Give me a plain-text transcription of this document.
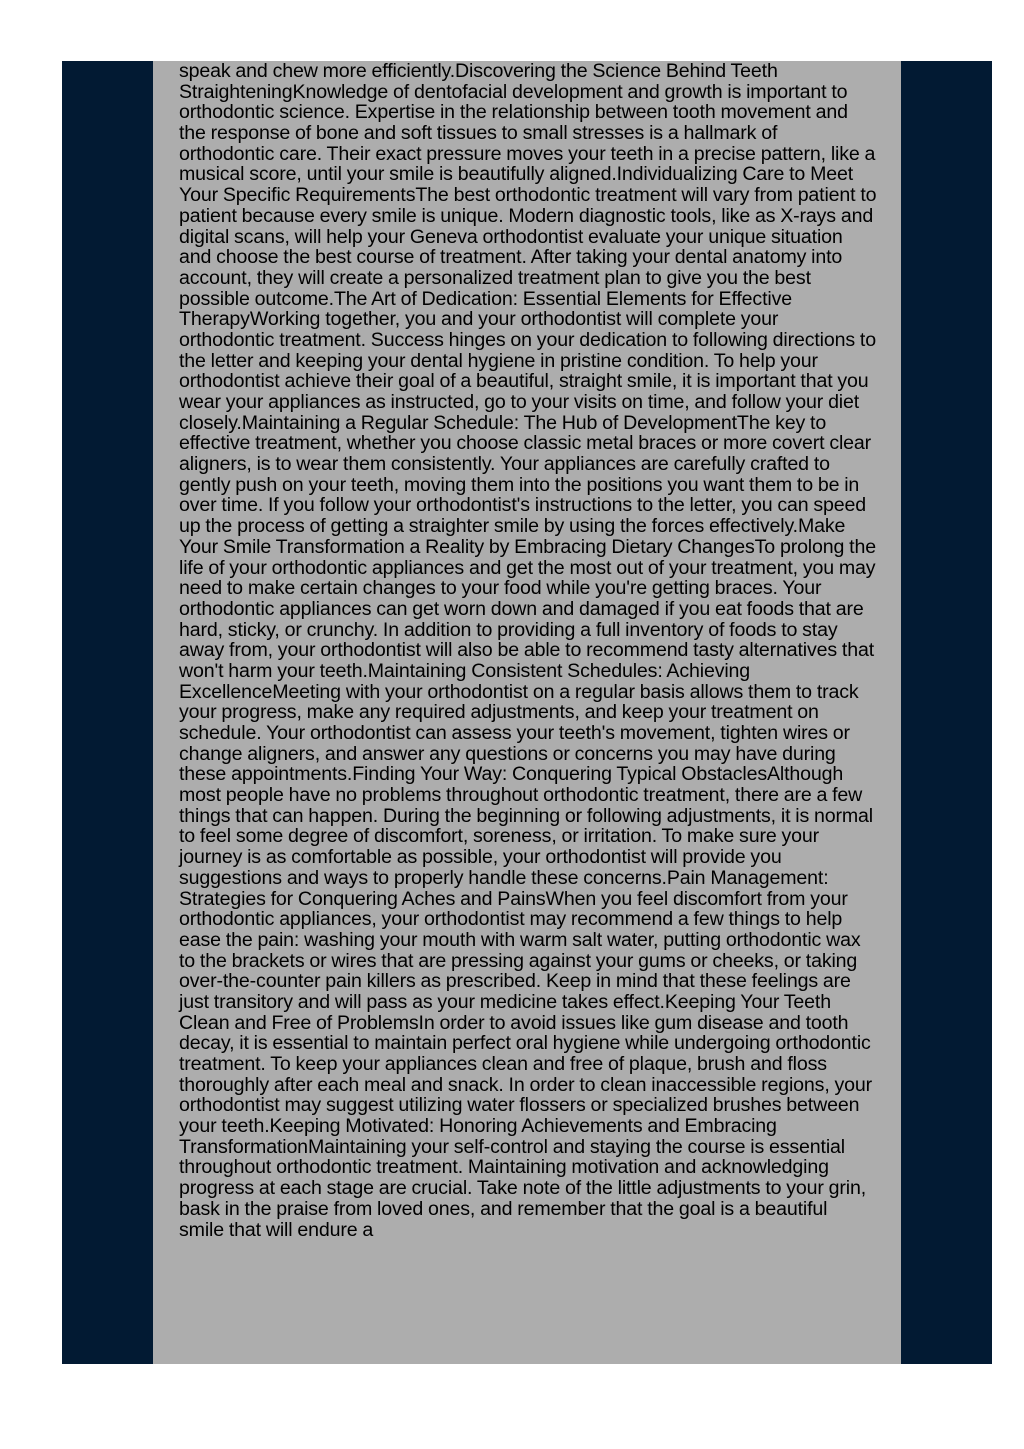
speak and chew more efficiently.

Discovering the Science Behind Teeth Straightening

Knowledge of dentofacial development and growth is important to orthodontic science. Expertise in the relationship between tooth movement and the response of bone and soft tissues to small stresses is a hallmark of orthodontic care. Their exact pressure moves your teeth in a precise pattern, like a musical score, until your smile is beautifully aligned.

Individualizing Care to Meet Your Specific Requirements

The best orthodontic treatment will vary from patient to patient because every smile is unique. Modern diagnostic tools, like as X-rays and digital scans, will help your Geneva orthodontist evaluate your unique situation and choose the best course of treatment. After taking your dental anatomy into account, they will create a personalized treatment plan to give you the best possible outcome.

The Art of Dedication: Essential Elements for Effective Therapy

Working together, you and your orthodontist will complete your orthodontic treatment. Success hinges on your dedication to following directions to the letter and keeping your dental hygiene in pristine condition. To help your orthodontist achieve their goal of a beautiful, straight smile, it is important that you wear your appliances as instructed, go to your visits on time, and follow your diet closely.

Maintaining a Regular Schedule: The Hub of Development

The key to effective treatment, whether you choose classic metal braces or more covert clear aligners, is to wear them consistently. Your appliances are carefully crafted to gently push on your teeth, moving them into the positions you want them to be in over time. If you follow your orthodontist's instructions to the letter, you can speed up the process of getting a straighter smile by using the forces effectively.

Make Your Smile Transformation a Reality by Embracing Dietary Changes

To prolong the life of your orthodontic appliances and get the most out of your treatment, you may need to make certain changes to your food while you're getting braces. Your orthodontic appliances can get worn down and damaged if you eat foods that are hard, sticky, or crunchy. In addition to providing a full inventory of foods to stay away from, your orthodontist will also be able to recommend tasty alternatives that won't harm your teeth.

Maintaining Consistent Schedules: Achieving Excellence

Meeting with your orthodontist on a regular basis allows them to track your progress, make any required adjustments, and keep your treatment on schedule. Your orthodontist can assess your teeth's movement, tighten wires or change aligners, and answer any questions or concerns you may have during these appointments.

Finding Your Way: Conquering Typical Obstacles

Although most people have no problems throughout orthodontic treatment, there are a few things that can happen. During the beginning or following adjustments, it is normal to feel some degree of discomfort, soreness, or irritation. To make sure your journey is as comfortable as possible, your orthodontist will provide you suggestions and ways to properly handle these concerns.

Pain Management: Strategies for Conquering Aches and Pains

When you feel discomfort from your orthodontic appliances, your orthodontist may recommend a few things to help ease the pain: washing your mouth with warm salt water, putting orthodontic wax to the brackets or wires that are pressing against your gums or cheeks, or taking over-the-counter pain killers as prescribed. Keep in mind that these feelings are just transitory and will pass as your medicine takes effect.

Keeping Your Teeth Clean and Free of Problems

In order to avoid issues like gum disease and tooth decay, it is essential to maintain perfect oral hygiene while undergoing orthodontic treatment. To keep your appliances clean and free of plaque, brush and floss thoroughly after each meal and snack. In order to clean inaccessible regions, your orthodontist may suggest utilizing water flossers or specialized brushes between your teeth.

Keeping Motivated: Honoring Achievements and Embracing Transformation

Maintaining your self-control and staying the course is essential throughout orthodontic treatment. Maintaining motivation and acknowledging progress at each stage are crucial. Take note of the little adjustments to your grin, bask in the praise from loved ones, and remember that the goal is a beautiful smile that will endure a
